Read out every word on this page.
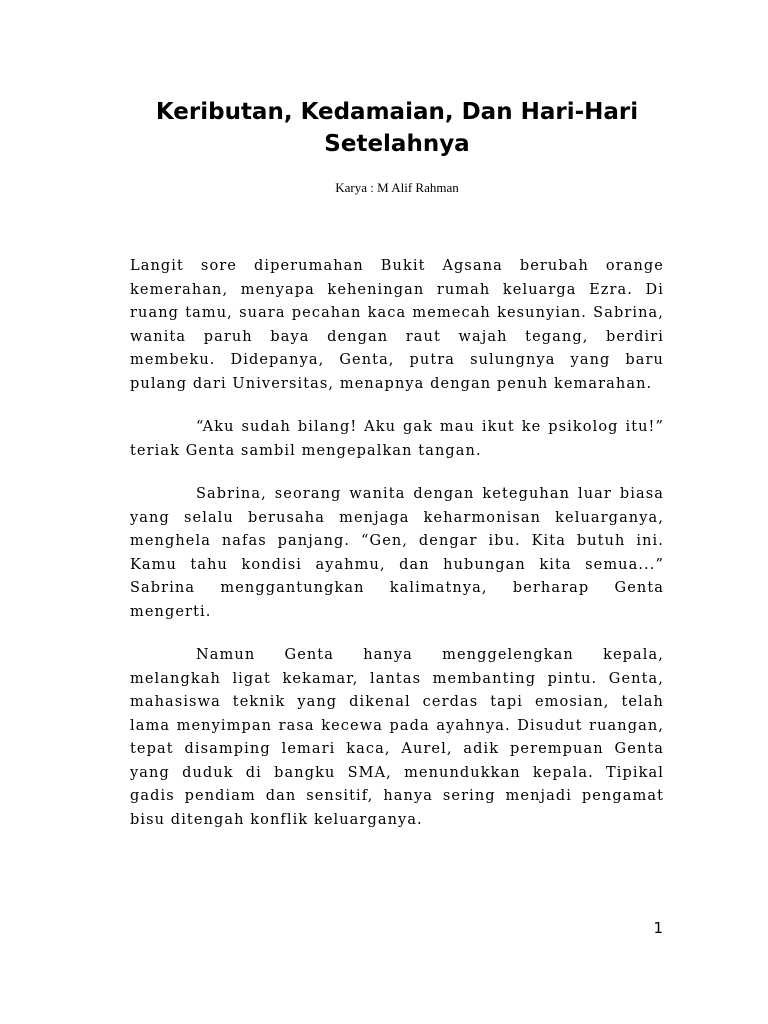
Keributan, Kedamaian, Dan Hari-Hari Setelahnya

Karya : M Alif Rahman

Langit sore diperumahan Bukit Agsana berubah orange kemerahan, menyapa keheningan rumah keluarga Ezra. Di ruang tamu, suara pecahan kaca memecah kesunyian. Sabrina, wanita paruh baya dengan raut wajah tegang, berdiri membeku. Didepanya, Genta, putra sulungnya yang baru pulang dari Universitas, menapnya dengan penuh kemarahan.

“Aku sudah bilang! Aku gak mau ikut ke psikolog itu!” teriak Genta sambil mengepalkan tangan.

Sabrina, seorang wanita dengan keteguhan luar biasa yang selalu berusaha menjaga keharmonisan keluarganya, menghela nafas panjang. “Gen, dengar ibu. Kita butuh ini. Kamu tahu kondisi ayahmu, dan hubungan kita semua...” Sabrina menggantungkan kalimatnya, berharap Genta mengerti.

Namun Genta hanya menggelengkan kepala, melangkah ligat kekamar, lantas membanting pintu. Genta, mahasiswa teknik yang dikenal cerdas tapi emosian, telah lama menyimpan rasa kecewa pada ayahnya. Disudut ruangan, tepat disamping lemari kaca, Aurel, adik perempuan Genta yang duduk di bangku SMA, menundukkan kepala. Tipikal gadis pendiam dan sensitif, hanya sering menjadi pengamat bisu ditengah konflik keluarganya.

1
